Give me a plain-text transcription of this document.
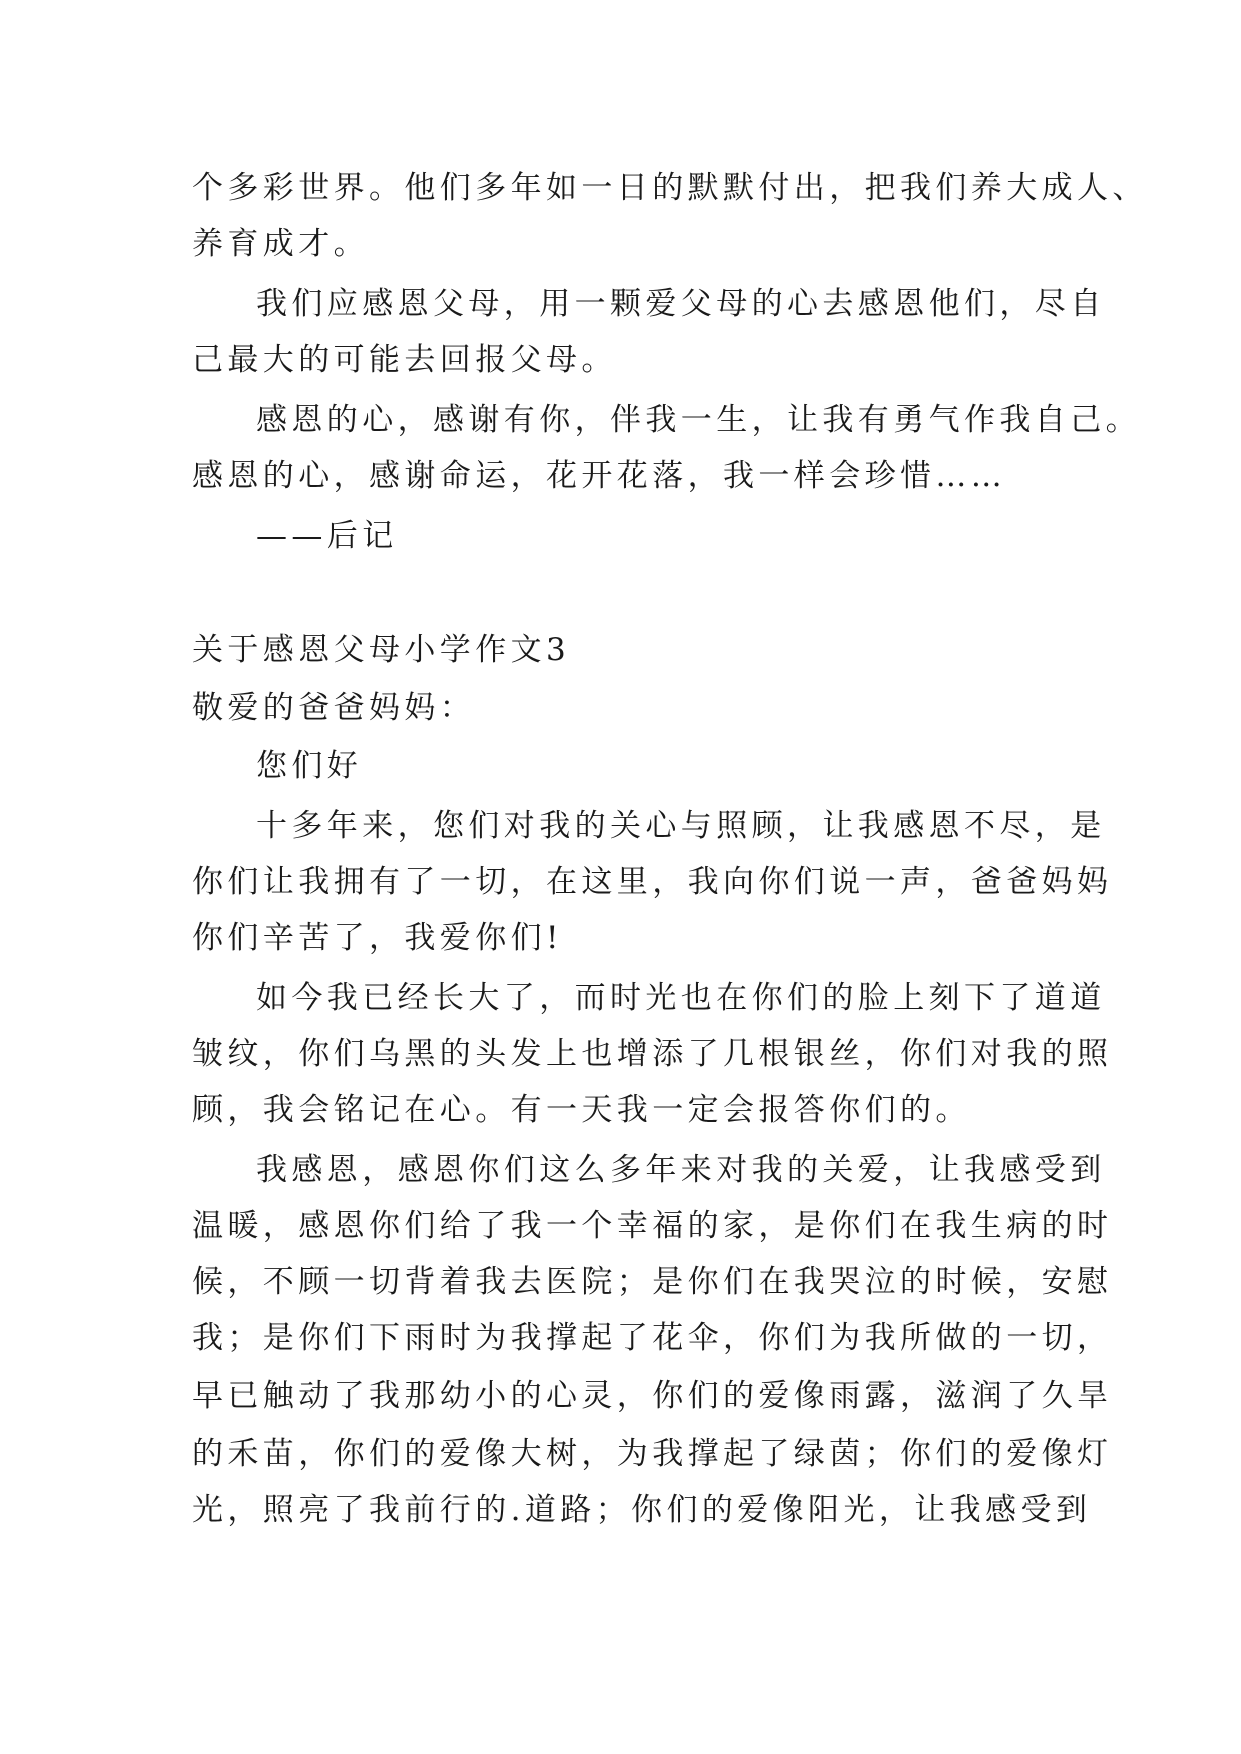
个多彩世界。他们多年如一日的默默付出，把我们养大成人、
养育成才。
我们应感恩父母，用一颗爱父母的心去感恩他们，尽自
己最大的可能去回报父母。
感恩的心，感谢有你，伴我一生，让我有勇气作我自己。
感恩的心，感谢命运，花开花落，我一样会珍惜……
——后记
关于感恩父母小学作文3
敬爱的爸爸妈妈：
您们好
十多年来，您们对我的关心与照顾，让我感恩不尽，是
你们让我拥有了一切，在这里，我向你们说一声，爸爸妈妈
你们辛苦了，我爱你们!
如今我已经长大了，而时光也在你们的脸上刻下了道道
皱纹，你们乌黑的头发上也增添了几根银丝，你们对我的照
顾，我会铭记在心。有一天我一定会报答你们的。
我感恩，感恩你们这么多年来对我的关爱，让我感受到
温暖，感恩你们给了我一个幸福的家，是你们在我生病的时
候，不顾一切背着我去医院；是你们在我哭泣的时候，安慰
我；是你们下雨时为我撑起了花伞，你们为我所做的一切，
早已触动了我那幼小的心灵，你们的爱像雨露，滋润了久旱
的禾苗，你们的爱像大树，为我撑起了绿茵；你们的爱像灯
光，照亮了我前行的.道路；你们的爱像阳光，让我感受到
